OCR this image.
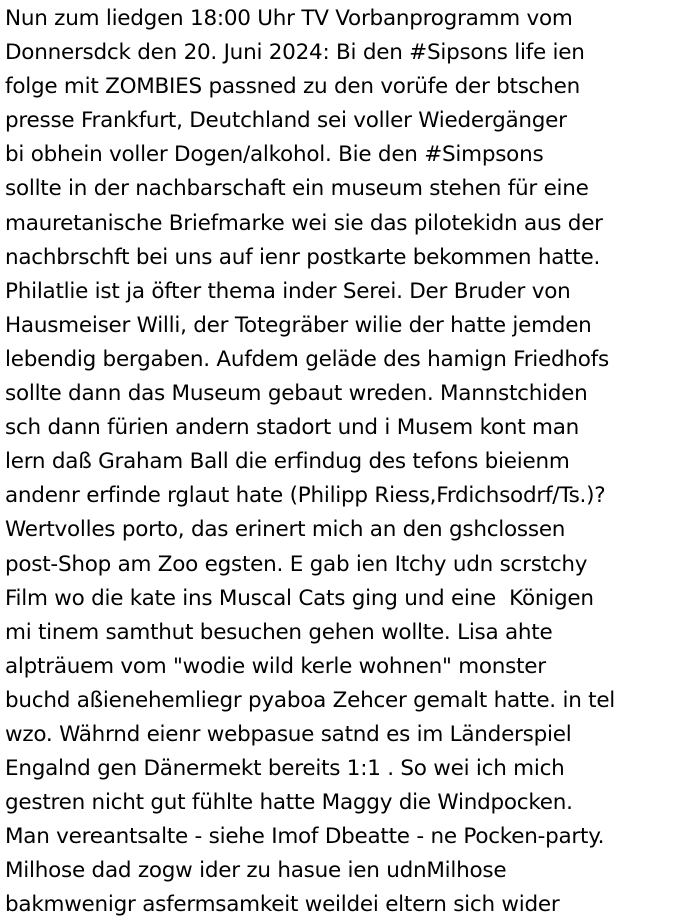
Nun zum liedgen 18:00 Uhr TV Vorbanprogramm vom
Donnersdck den 20. Juni 2024: Bi den #Sipsons life ien
folge mit ZOMBIES passned zu den vorüfe der btschen
presse Frankfurt, Deutchland sei voller Wiedergänger
bi obhein voller Dogen/alkohol. Bie den #Simpsons
sollte in der nachbarschaft ein museum stehen für eine
mauretanische Briefmarke wei sie das pilotekidn aus der
nachbrschft bei uns auf ienr postkarte bekommen hatte.
Philatlie ist ja öfter thema inder Serei. Der Bruder von
Hausmeiser Willi, der Totegräber wilie der hatte jemden
lebendig bergaben. Aufdem geläde des hamign Friedhofs
sollte dann das Museum gebaut wreden. Mannstchiden
sch dann fürien andern stadort und i Musem kont man
lern daß Graham Ball die erfindug des tefons bieienm
andenr erfinde rglaut hate (Philipp Riess,Frdichsodrf/Ts.)?
Wertvolles porto, das erinert mich an den gshclossen
post-Shop am Zoo egsten. E gab ien Itchy udn scrstchy
Film wo die kate ins Muscal Cats ging und eine  Königen
mi tinem samthut besuchen gehen wollte. Lisa ahte
alpträuem vom "wodie wild kerle wohnen" monster
buchd aßienehemliegr pyaboa Zehcer gemalt hatte. in tel
wzo. Währnd eienr webpasue satnd es im Länderspiel
Engalnd gen Dänermekt bereits 1:1 . So wei ich mich
gestren nicht gut fühlte hatte Maggy die Windpocken.
Man vereantsalte - siehe Imof Dbeatte - ne Pocken-party.
Milhose dad zogw ider zu hasue ien udnMilhose
bakmwenigr asfermsamkeit weildei eltern sich wider
